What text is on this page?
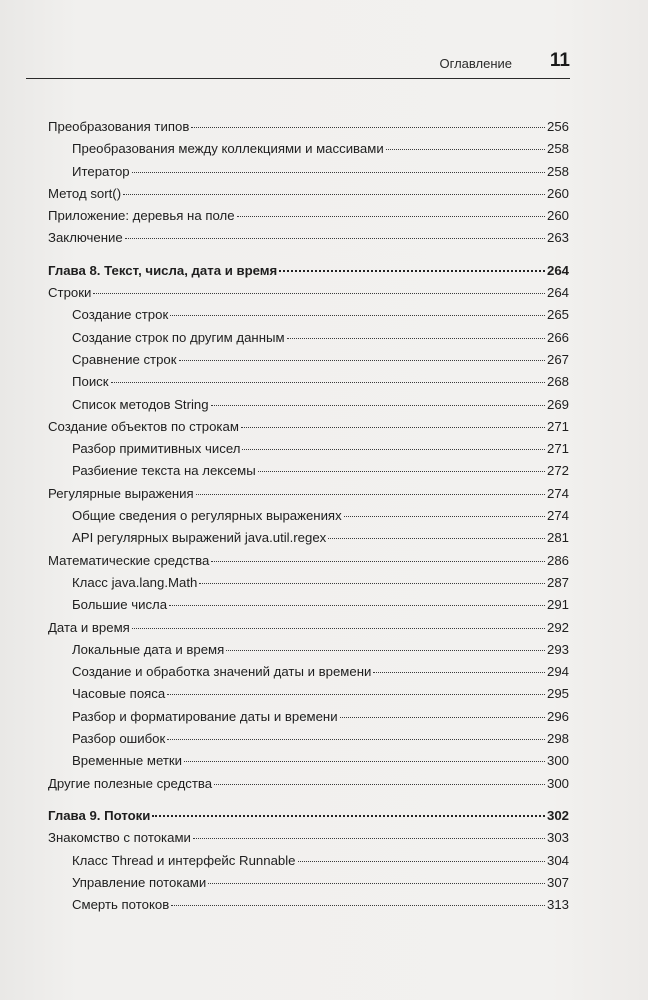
Оглавление 11
Преобразования типов	256
Преобразования между коллекциями и массивами	258
Итератор	258
Метод sort()	260
Приложение: деревья на поле	260
Заключение	263
Глава 8. Текст, числа, дата и время	264
Строки	264
Создание строк	265
Создание строк по другим данным	266
Сравнение строк	267
Поиск	268
Список методов String	269
Создание объектов по строкам	271
Разбор примитивных чисел	271
Разбиение текста на лексемы	272
Регулярные выражения	274
Общие сведения о регулярных выражениях	274
API регулярных выражений java.util.regex	281
Математические средства	286
Класс java.lang.Math	287
Большие числа	291
Дата и время	292
Локальные дата и время	293
Создание и обработка значений даты и времени	294
Часовые пояса	295
Разбор и форматирование даты и времени	296
Разбор ошибок	298
Временные метки	300
Другие полезные средства	300
Глава 9. Потоки	302
Знакомство с потоками	303
Класс Thread и интерфейс Runnable	304
Управление потоками	307
Смерть потоков	313
